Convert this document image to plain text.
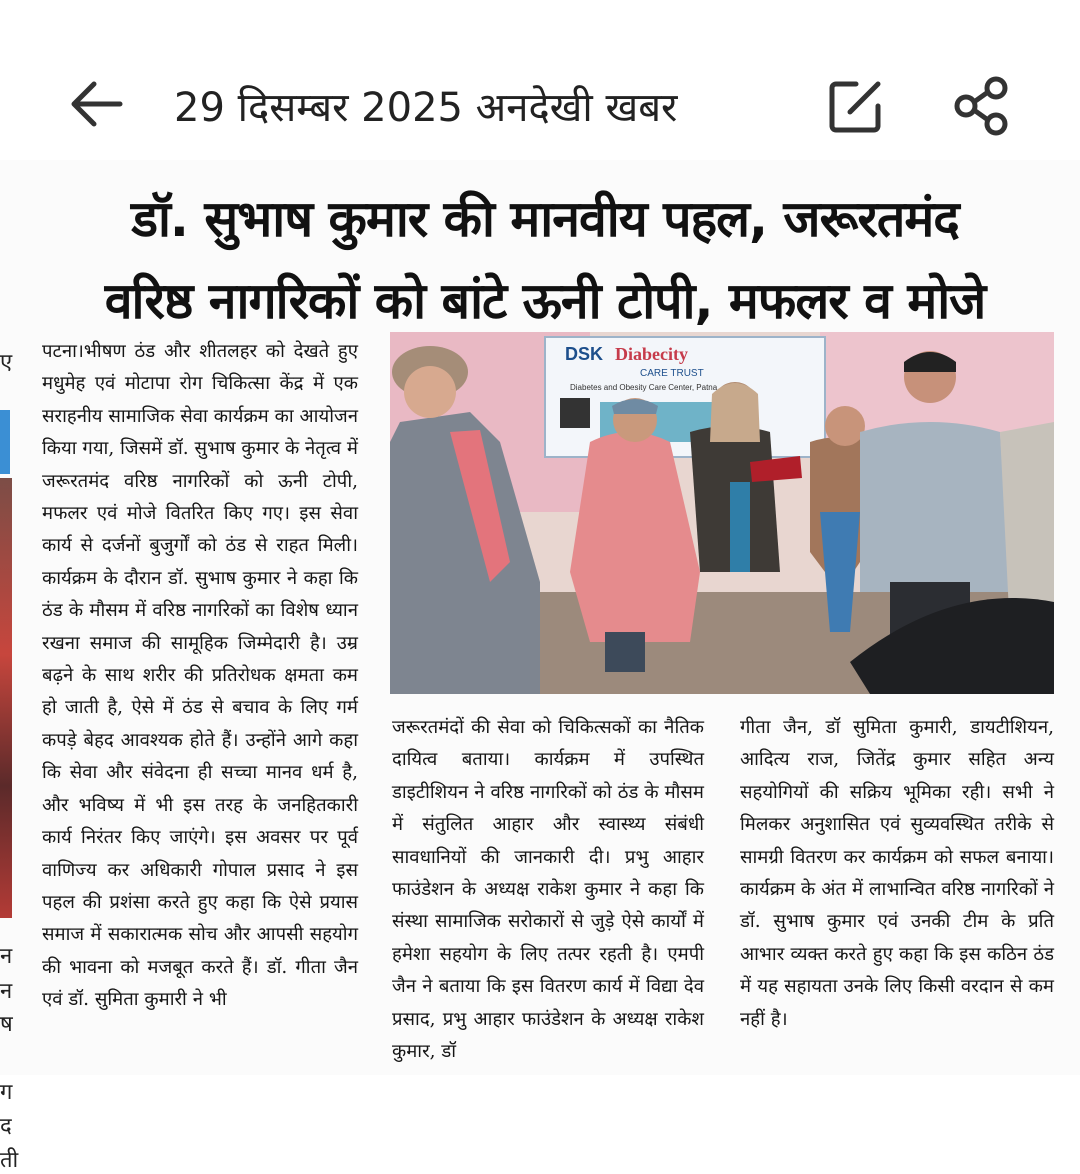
29 दिसम्बर 2025 अनदेखी खबर
ए
न
न
ष
ग
द
ती
डॉ. सुभाष कुमार की मानवीय पहल, जरूरतमंद
वरिष्ठ नागरिकों को बांटे ऊनी टोपी, मफलर व मोजे

पटना।भीषण ठंड और शीतलहर को देखते हुए मधुमेह एवं मोटापा रोग चिकित्सा केंद्र में एक सराहनीय सामाजिक सेवा कार्यक्रम का आयोजन किया गया, जिसमें डॉ. सुभाष कुमार के नेतृत्व में जरूरतमंद वरिष्ठ नागरिकों को ऊनी टोपी, मफलर एवं मोजे वितरित किए गए। इस सेवा कार्य से दर्जनों बुजुर्गों को ठंड से राहत मिली। कार्यक्रम के दौरान डॉ. सुभाष कुमार ने कहा कि ठंड के मौसम में वरिष्ठ नागरिकों का विशेष ध्यान रखना समाज की सामूहिक जिम्मेदारी है। उम्र बढ़ने के साथ शरीर की प्रतिरोधक क्षमता कम हो जाती है, ऐसे में ठंड से बचाव के लिए गर्म कपड़े बेहद आवश्यक होते हैं। उन्होंने आगे कहा कि सेवा और संवेदना ही सच्चा मानव धर्म है, और भविष्य में भी इस तरह के जनहितकारी कार्य निरंतर किए जाएंगे। इस अवसर पर पूर्व वाणिज्य कर अधिकारी गोपाल प्रसाद ने इस पहल की प्रशंसा करते हुए कहा कि ऐसे प्रयास समाज में सकारात्मक सोच और आपसी सहयोग की भावना को मजबूत करते हैं। डॉ. गीता जैन एवं डॉ. सुमिता कुमारी ने भी

DSK Diabecity
CARE TRUST
Diabetes and Obesity Care Center, Patna

जरूरतमंदों की सेवा को चिकित्सकों का नैतिक दायित्व बताया। कार्यक्रम में उपस्थित डाइटीशियन ने वरिष्ठ नागरिकों को ठंड के मौसम में संतुलित आहार और स्वास्थ्य संबंधी सावधानियों की जानकारी दी। प्रभु आहार फाउंडेशन के अध्यक्ष राकेश कुमार ने कहा कि संस्था सामाजिक सरोकारों से जुड़े ऐसे कार्यों में हमेशा सहयोग के लिए तत्पर रहती है। एमपी जैन ने बताया कि इस वितरण कार्य में विद्या देव प्रसाद, प्रभु आहार फाउंडेशन के अध्यक्ष राकेश कुमार, डॉ

गीता जैन, डॉ सुमिता कुमारी, डायटीशियन, आदित्य राज, जितेंद्र कुमार सहित अन्य सहयोगियों की सक्रिय भूमिका रही। सभी ने मिलकर अनुशासित एवं सुव्यवस्थित तरीके से सामग्री वितरण कर कार्यक्रम को सफल बनाया। कार्यक्रम के अंत में लाभान्वित वरिष्ठ नागरिकों ने डॉ. सुभाष कुमार एवं उनकी टीम के प्रति आभार व्यक्त करते हुए कहा कि इस कठिन ठंड में यह सहायता उनके लिए किसी वरदान से कम नहीं है।
